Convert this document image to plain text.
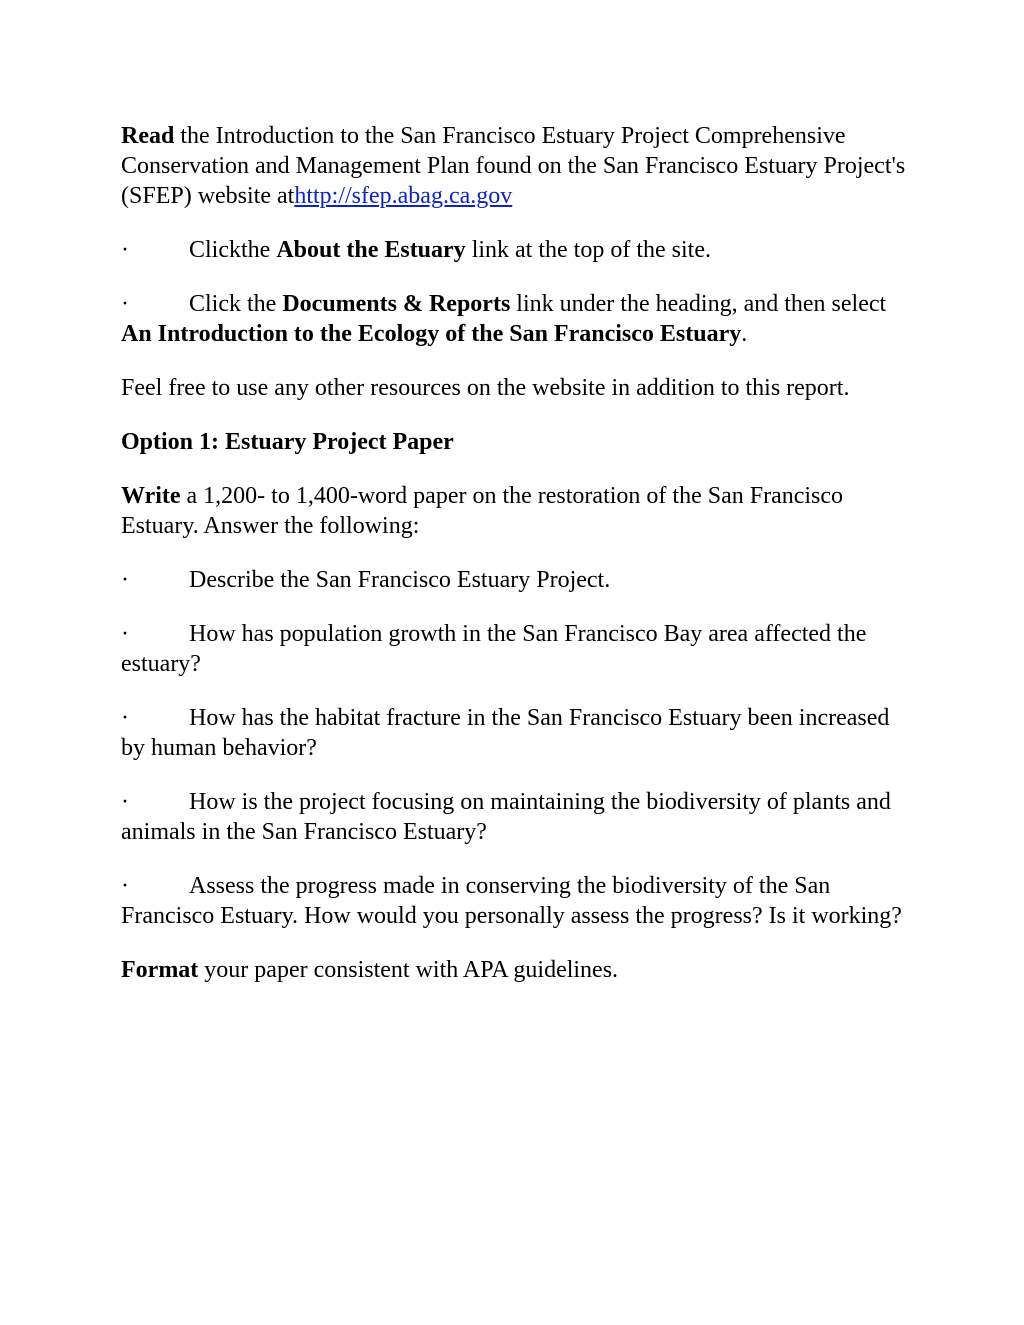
Read the Introduction to the San Francisco Estuary Project Comprehensive Conservation and Management Plan found on the San Francisco Estuary Project's (SFEP) website athttp://sfep.abag.ca.gov

·	Clickthe About the Estuary link at the top of the site.

·	Click the Documents & Reports link under the heading, and then select An Introduction to the Ecology of the San Francisco Estuary.

Feel free to use any other resources on the website in addition to this report.

Option 1: Estuary Project Paper

Write a 1,200- to 1,400-word paper on the restoration of the San Francisco Estuary. Answer the following:

·	Describe the San Francisco Estuary Project.

·	How has population growth in the San Francisco Bay area affected the estuary?

·	How has the habitat fracture in the San Francisco Estuary been increased by human behavior?

·	How is the project focusing on maintaining the biodiversity of plants and animals in the San Francisco Estuary?

·	Assess the progress made in conserving the biodiversity of the San Francisco Estuary. How would you personally assess the progress? Is it working?

Format your paper consistent with APA guidelines.
